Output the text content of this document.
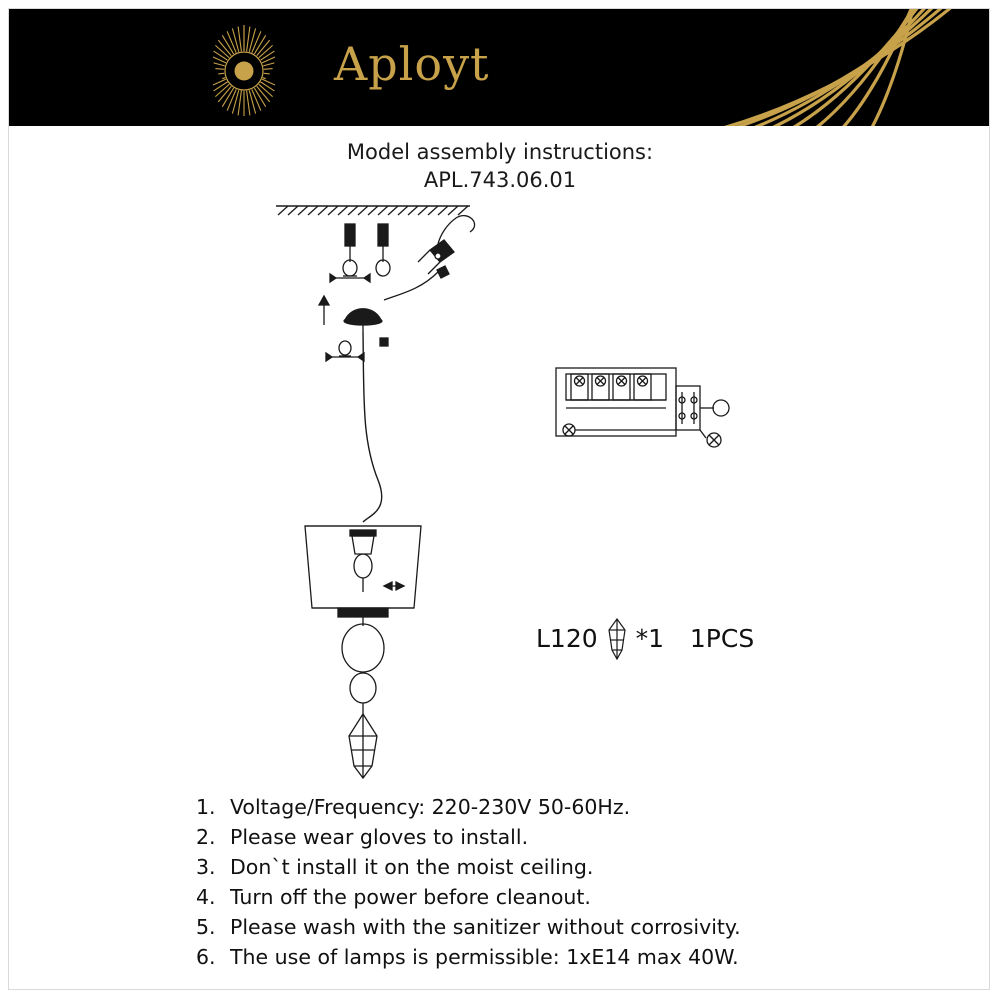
Aployt
Model assembly instructions:
APL.743.06.01
L120 *1 1PCS
1. Voltage/Frequency: 220-230V 50-60Hz.
2. Please wear gloves to install.
3. Don`t install it on the moist ceiling.
4. Turn off the power before cleanout.
5. Please wash with the sanitizer without corrosivity.
6. The use of lamps is permissible: 1xE14 max 40W.
